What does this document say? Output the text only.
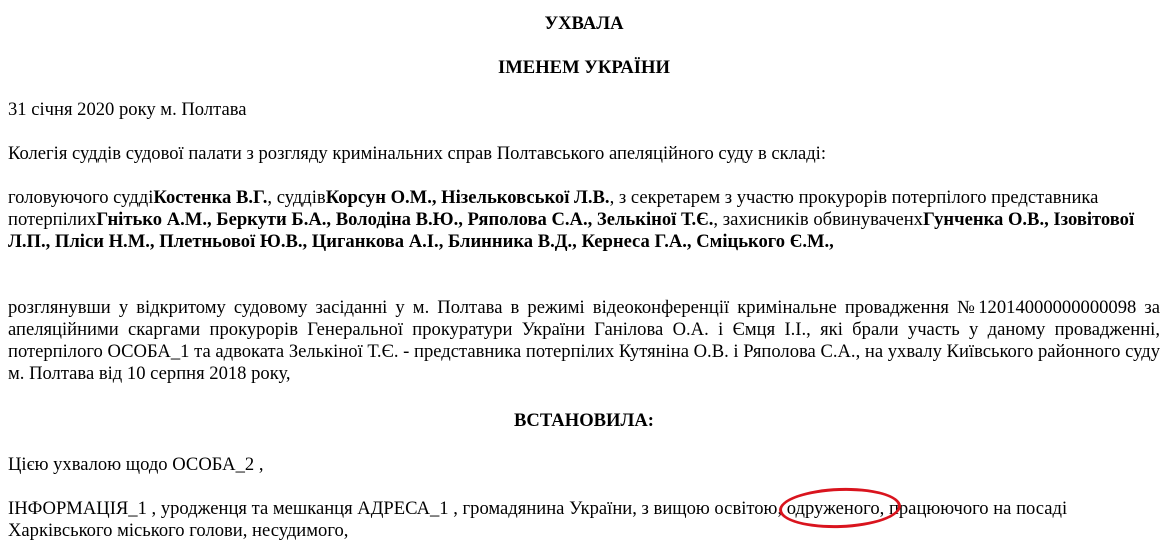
УХВАЛА
ІМЕНЕМ УКРАЇНИ

31 січня 2020 року м. Полтава

Колегія суддів судової палати з розгляду кримінальних справ Полтавського апеляційного суду в складі:

головуючого суддіКостенка В.Г., суддівКорсун О.М., Нізельковської Л.В., з секретарем з участю прокурорів потерпілого представника потерпілихГнітько А.М., Беркути Б.А., Володіна В.Ю., Ряполова С.А., Зелькіної Т.Є., захисників обвинуваченхГунченка О.В., Ізовітової Л.П., Пліси Н.М., Плетньової Ю.В., Циганкова А.І., Блинника В.Д., Кернеса Г.А., Сміцького Є.М.,

розглянувши у відкритому судовому засіданні у м. Полтава в режимі відеоконференції кримінальне провадження №12014000000000098 за апеляційними скаргами прокурорів Генеральної прокуратури України Ганілова О.А. і Ємця І.І., які брали участь у даному провадженні, потерпілого ОСОБА_1 та адвоката Зелькіної Т.Є. - представника потерпілих Кутяніна О.В. і Ряполова С.А., на ухвалу Київського районного суду м. Полтава від 10 серпня 2018 року,

ВСТАНОВИЛА:

Цією ухвалою щодо ОСОБА_2 ,

ІНФОРМАЦІЯ_1 , уродженця та мешканця АДРЕСА_1 , громадянина України, з вищою освітою, одруженого
, працюючого на посаді Харківського міського голови, несудимого,
